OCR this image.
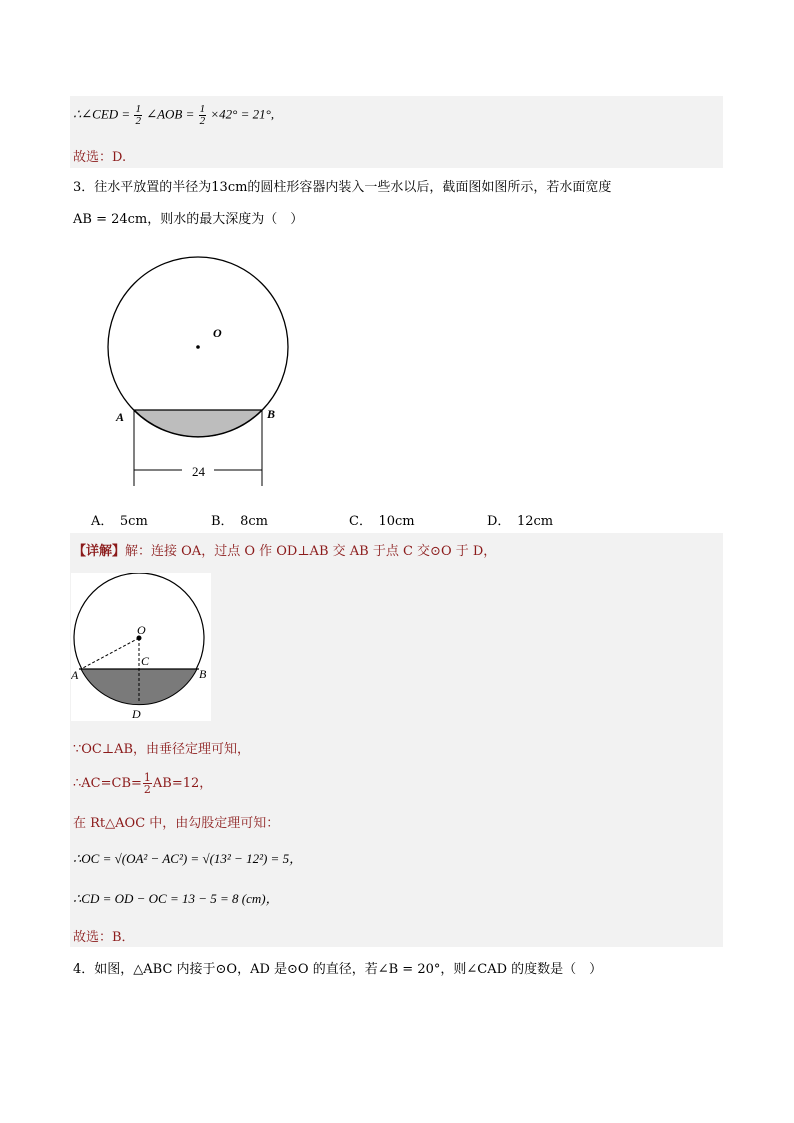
∴∠CED = $\frac{1}{2}$ ∠AOB = $\frac{1}{2} \times 42^\circ = 21^\circ$,
故选：D.
3．往水平放置的半径为13cm的圆柱形容器内装入一些水以后，截面图如图所示，若水面宽度
AB = 24cm，则水的最大深度为（　）
O
A	B
24
A．　 5cm	B．　 8cm	C．　 10cm	D．　 12cm
【详解】解：连接 OA，过点 O 作 OD⊥AB 交 AB 于点 C 交⊙O 于 D，
O
C
A	B
D
∵OC⊥AB，由垂径定理可知，
∴AC=CB= $\frac{1}{2} AB=12$，
在 Rt△AOC 中，由勾股定理可知：
∴OC = √(OA² − AC²) = √(13² − 12²) = 5，
∴CD = OD − OC = 13 − 5 = 8 (cm)，
故选：B．
4．如图，△ABC 内接于⊙O，AD 是⊙O 的直径，若∠B = 20°，则∠CAD 的度数是（　）
